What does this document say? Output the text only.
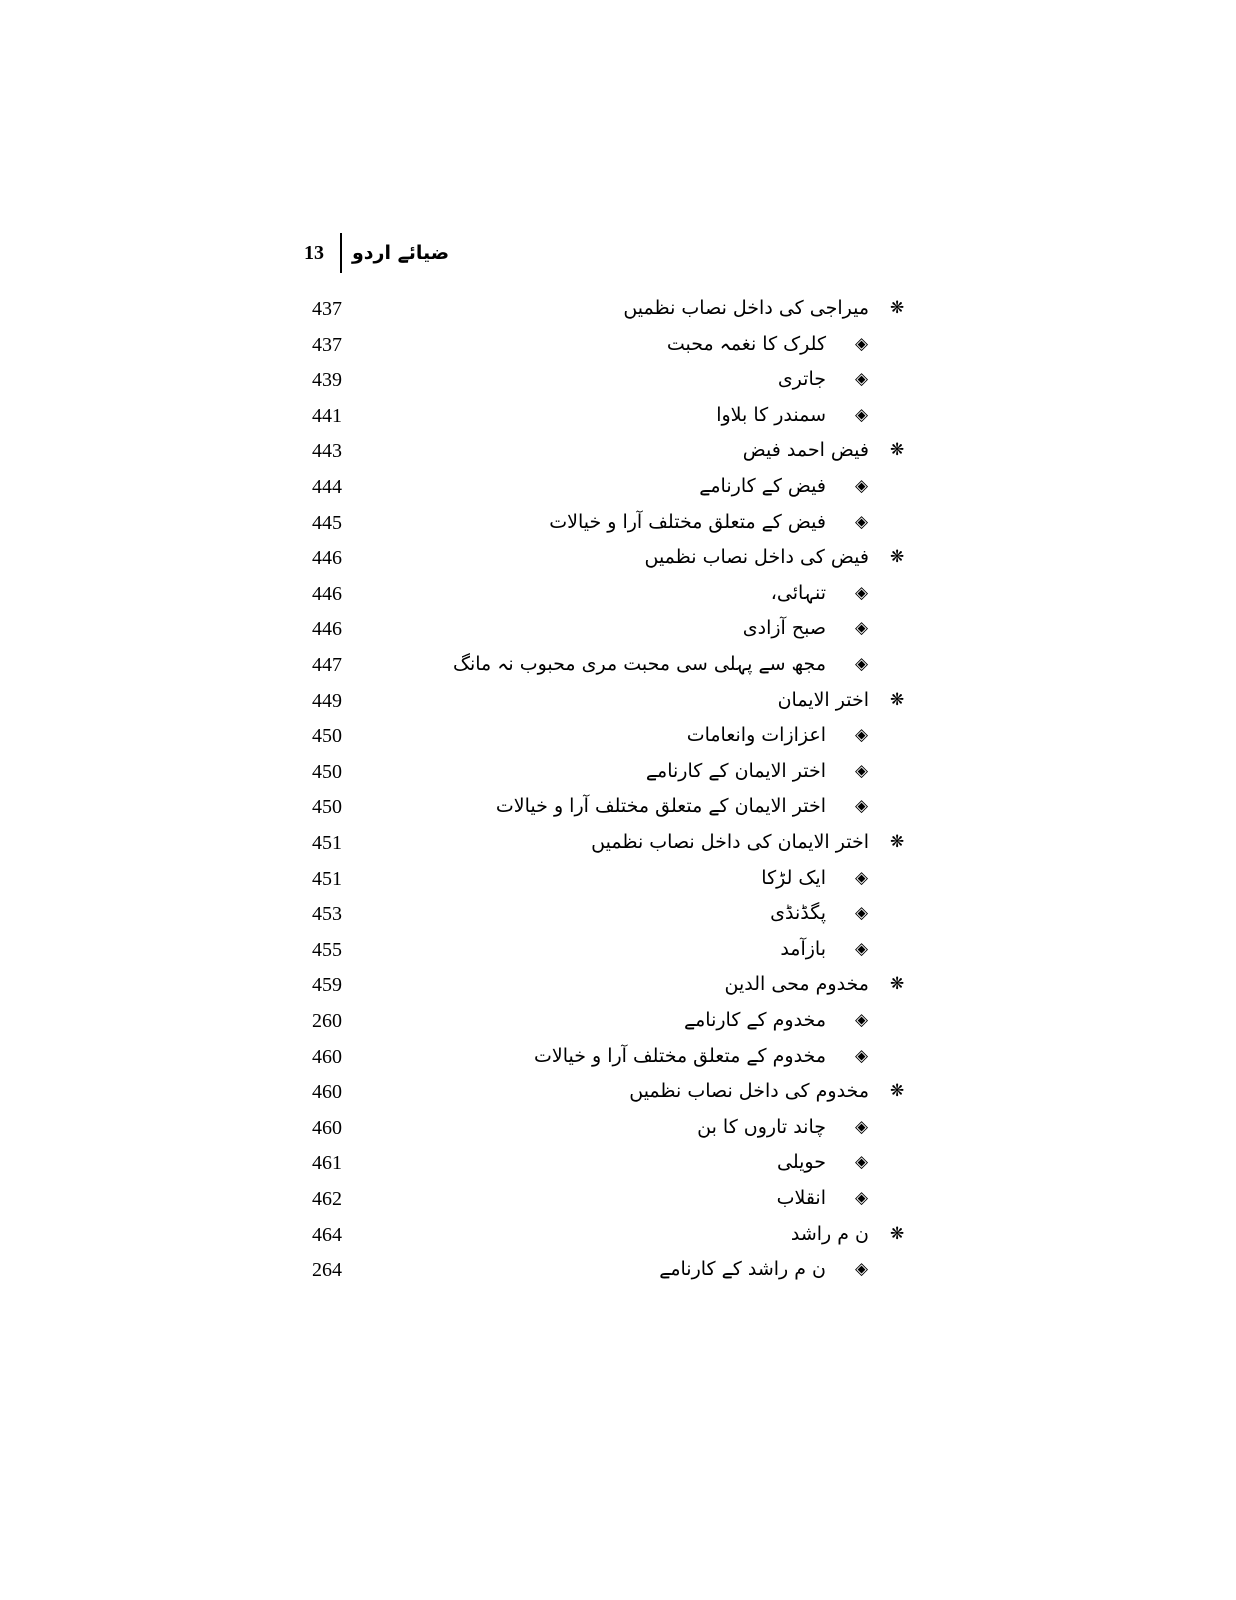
13	ضیائے اردو
437	میراجی کی داخل نصاب نظمیں ❋
437	کلرک کا نغمہ محبت ◈
439	جاتری ◈
441	سمندر کا بلاوا ◈
443	فیض احمد فیض ❋
444	فیض کے کارنامے ◈
445	فیض کے متعلق مختلف آرا و خیالات ◈
446	فیض کی داخل نصاب نظمیں ❋
446	تنہائی، ◈
446	صبح آزادی ◈
447	مجھ سے پہلی سی محبت مری محبوب نہ مانگ ◈
449	اختر الایمان ❋
450	اعزازات وانعامات ◈
450	اختر الایمان کے کارنامے ◈
450	اختر الایمان کے متعلق مختلف آرا و خیالات ◈
451	اختر الایمان کی داخل نصاب نظمیں ❋
451	ایک لڑکا ◈
453	پگڈنڈی ◈
455	بازآمد ◈
459	مخدوم محی الدین ❋
260	مخدوم کے کارنامے ◈
460	مخدوم کے متعلق مختلف آرا و خیالات ◈
460	مخدوم کی داخل نصاب نظمیں ❋
460	چاند تاروں کا بن ◈
461	حویلی ◈
462	انقلاب ◈
464	ن م راشد ❋
264	ن م راشد کے کارنامے ◈
